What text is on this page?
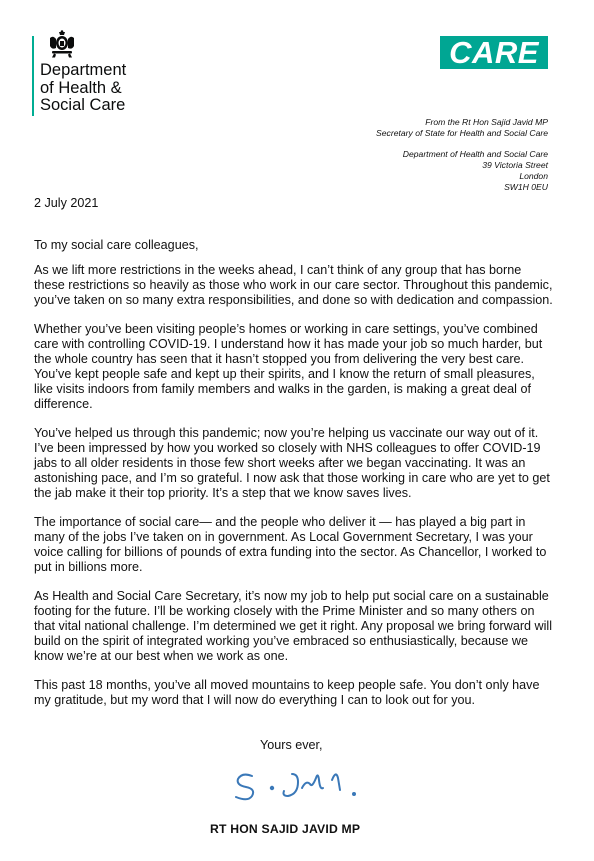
Department
of Health &
Social Care
CARE
From the Rt Hon Sajid Javid MP
Secretary of State for Health and Social Care
Department of Health and Social Care
39 Victoria Street
London
SW1H 0EU
2 July 2021

To my social care colleagues,

As we lift more restrictions in the weeks ahead, I can’t think of any group that has borne these restrictions so heavily as those who work in our care sector. Throughout this pandemic, you’ve taken on so many extra responsibilities, and done so with dedication and compassion.

Whether you’ve been visiting people’s homes or working in care settings, you’ve combined care with controlling COVID-19. I understand how it has made your job so much harder, but the whole country has seen that it hasn’t stopped you from delivering the very best care. You’ve kept people safe and kept up their spirits, and I know the return of small pleasures, like visits indoors from family members and walks in the garden, is making a great deal of difference.

You’ve helped us through this pandemic; now you’re helping us vaccinate our way out of it. I’ve been impressed by how you worked so closely with NHS colleagues to offer COVID-19 jabs to all older residents in those few short weeks after we began vaccinating. It was an astonishing pace, and I’m so grateful. I now ask that those working in care who are yet to get the jab make it their top priority. It’s a step that we know saves lives.

The importance of social care— and the people who deliver it — has played a big part in many of the jobs I’ve taken on in government. As Local Government Secretary, I was your voice calling for billions of pounds of extra funding into the sector. As Chancellor, I worked to put in billions more.

As Health and Social Care Secretary, it’s now my job to help put social care on a sustainable footing for the future. I’ll be working closely with the Prime Minister and so many others on that vital national challenge. I’m determined we get it right. Any proposal we bring forward will build on the spirit of integrated working you’ve embraced so enthusiastically, because we know we’re at our best when we work as one.

This past 18 months, you’ve all moved mountains to keep people safe. You don’t only have my gratitude, but my word that I will now do everything I can to look out for you.

Yours ever,
RT HON SAJID JAVID MP
